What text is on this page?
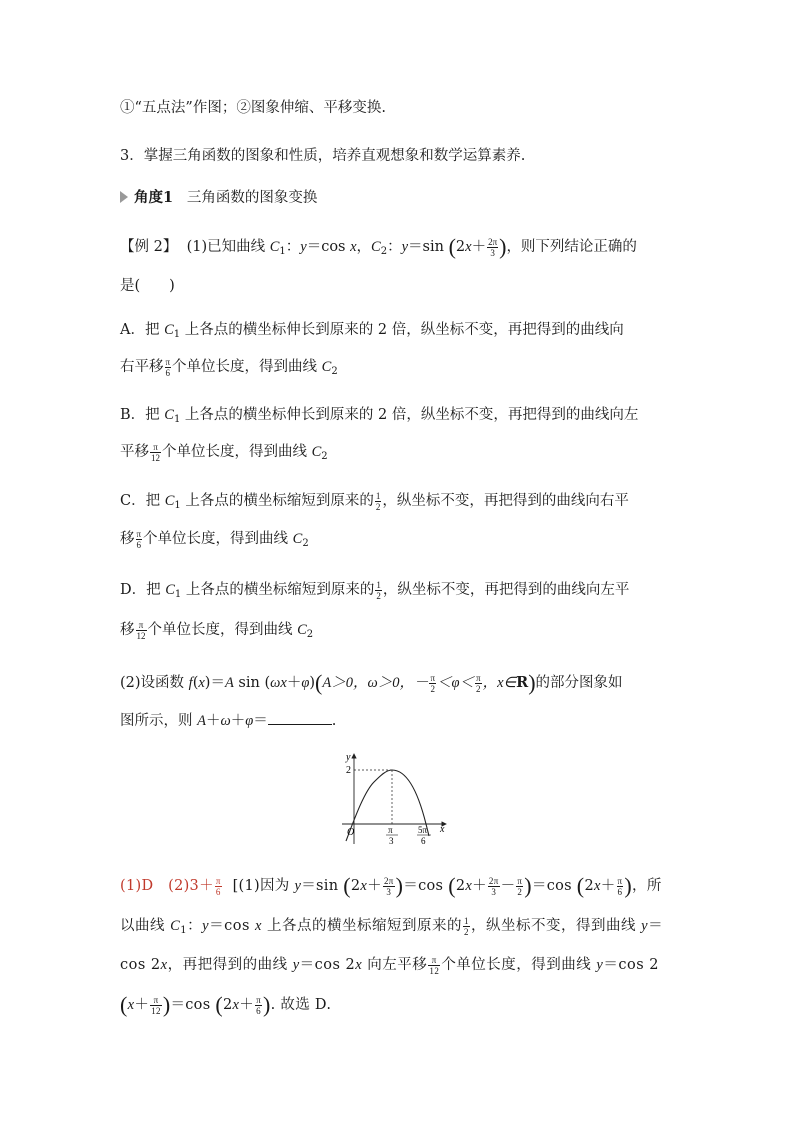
①“五点法”作图；②图象伸缩、平移变换.
3．掌握三角函数的图象和性质，培养直观想象和数学运算素养.
角度1 三角函数的图象变换
【例 2】 (1)已知曲线 $C_1$：y＝cos x，$C_2$：y＝sin ($2x+ \frac{2\pi}{3}$ )，则下列结论正确的
是(　　)
A．把 $C_1$ 上各点的横坐标伸长到原来的 2 倍，纵坐标不变，再把得到的曲线向
右平移 $\frac{\pi}{6}$ 个单位长度，得到曲线 $C_2$
B．把 $C_1$ 上各点的横坐标伸长到原来的 2 倍，纵坐标不变，再把得到的曲线向左
平移 $\frac{\pi}{12}$ 个单位长度，得到曲线 $C_2$
C．把 $C_1$ 上各点的横坐标缩短到原来的 $\frac{1}{2}$ ，纵坐标不变，再把得到的曲线向右平
移 $\frac{\pi}{6}$ 个单位长度，得到曲线 $C_2$
D．把 $C_1$ 上各点的横坐标缩短到原来的 $\frac{1}{2}$ ，纵坐标不变，再把得到的曲线向左平
移 $\frac{\pi}{12}$ 个单位长度，得到曲线 $C_2$
(2)设函数 f(x)＝A sin (ωx＋φ)(A＞0，ω＞0，－ $\frac{\pi}{2} <\varphi< \frac{\pi}{2}$ ，x∈R)的部分图象如
图所示，则 A＋ω＋φ＝	.
y
x
O
2
π
3
5π
6
(1)D $(2)3+ \frac{\pi}{6} [(1)$因为 y＝sin $(2x+ \frac{2\pi}{3} )=\cos$ $(2x+ \frac{2\pi}{3} - \frac{\pi}{2} )=\cos$ ($2x+ \frac{\pi}{6}$ )，所
以曲线 $C_1$：y＝cos x 上各点的横坐标缩短到原来的 $\frac{1}{2}$ ，纵坐标不变，得到曲线 y＝
cos 2x，再把得到的曲线 y＝cos 2x 向左平移 $\frac{\pi}{12}$ 个单位长度，得到曲线 y＝cos 2
$(x+ \frac{\pi}{12} )=\cos$ ($2x+ \frac{\pi}{6}$ ). 故选 D.
